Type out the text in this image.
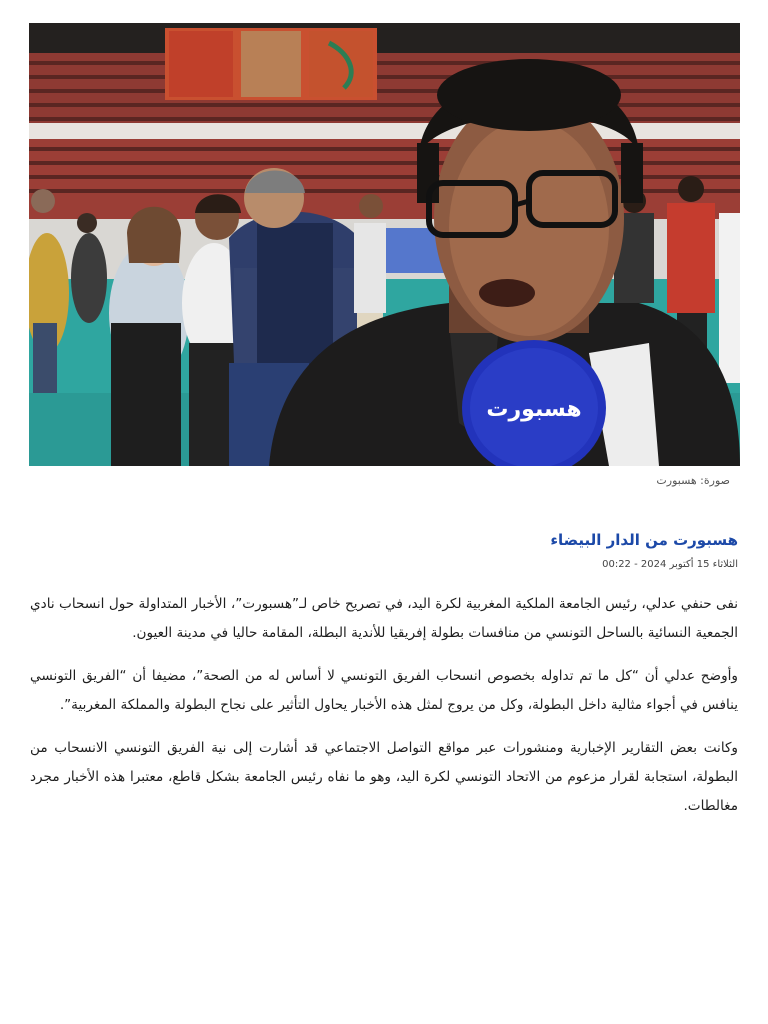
هسبورت
صورة: هسبورت
هسبورت من الدار البيضاء
الثلاثاء 15 أكتوبر 2024 - 00:22

نفى حنفي عدلي، رئيس الجامعة الملكية المغربية لكرة اليد، في تصريح خاص لـ”هسبورت”، الأخبار المتداولة حول انسحاب نادي الجمعية النسائية بالساحل التونسي من منافسات بطولة إفريقيا للأندية البطلة، المقامة حاليا في مدينة العيون.

وأوضح عدلي أن “كل ما تم تداوله بخصوص انسحاب الفريق التونسي لا أساس له من الصحة”، مضيفا أن “الفريق التونسي ينافس في أجواء مثالية داخل البطولة، وكل من يروج لمثل هذه الأخبار يحاول التأثير على نجاح البطولة والمملكة المغربية”.

وكانت بعض التقارير الإخبارية ومنشورات عبر مواقع التواصل الاجتماعي قد أشارت إلى نية الفريق التونسي الانسحاب من البطولة، استجابة لقرار مزعوم من الاتحاد التونسي لكرة اليد، وهو ما نفاه رئيس الجامعة بشكل قاطع، معتبرا هذه الأخبار مجرد مغالطات.
